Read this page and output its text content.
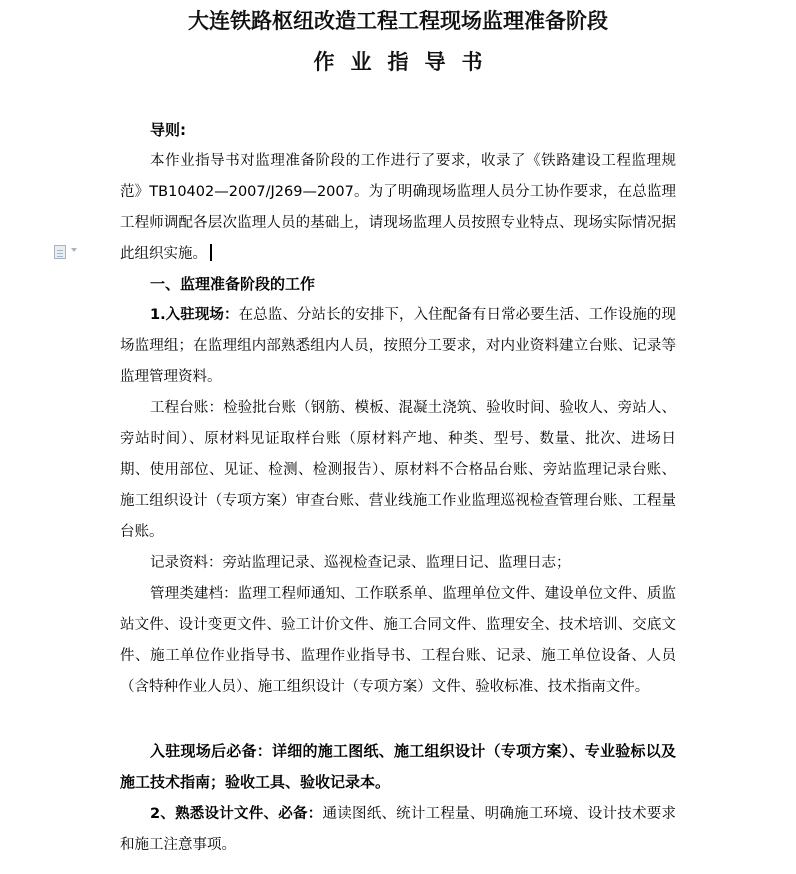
大连铁路枢纽改造工程工程现场监理准备阶段
作业指导书

导则:

本作业指导书对监理准备阶段的工作进行了要求，收录了《铁路建设工程监理规范》TB10402—2007/J269—2007。为了明确现场监理人员分工协作要求，在总监理工程师调配各层次监理人员的基础上，请现场监理人员按照专业特点、现场实际情况据此组织实施。

一、监理准备阶段的工作

1.入驻现场：在总监、分站长的安排下，入住配备有日常必要生活、工作设施的现场监理组；在监理组内部熟悉组内人员，按照分工要求，对内业资料建立台账、记录等监理管理资料。

工程台账：检验批台账（钢筋、模板、混凝土浇筑、验收时间、验收人、旁站人、旁站时间）、原材料见证取样台账（原材料产地、种类、型号、数量、批次、进场日期、使用部位、见证、检测、检测报告）、原材料不合格品台账、旁站监理记录台账、施工组织设计（专项方案）审查台账、营业线施工作业监理巡视检查管理台账、工程量台账。

记录资料：旁站监理记录、巡视检查记录、监理日记、监理日志；

管理类建档：监理工程师通知、工作联系单、监理单位文件、建设单位文件、质监站文件、设计变更文件、验工计价文件、施工合同文件、监理安全、技术培训、交底文件、施工单位作业指导书、监理作业指导书、工程台账、记录、施工单位设备、人员（含特种作业人员）、施工组织设计（专项方案）文件、验收标准、技术指南文件。

入驻现场后必备：详细的施工图纸、施工组织设计（专项方案）、专业验标以及施工技术指南；验收工具、验收记录本。

2、熟悉设计文件、必备：通读图纸、统计工程量、明确施工环境、设计技术要求和施工注意事项。
